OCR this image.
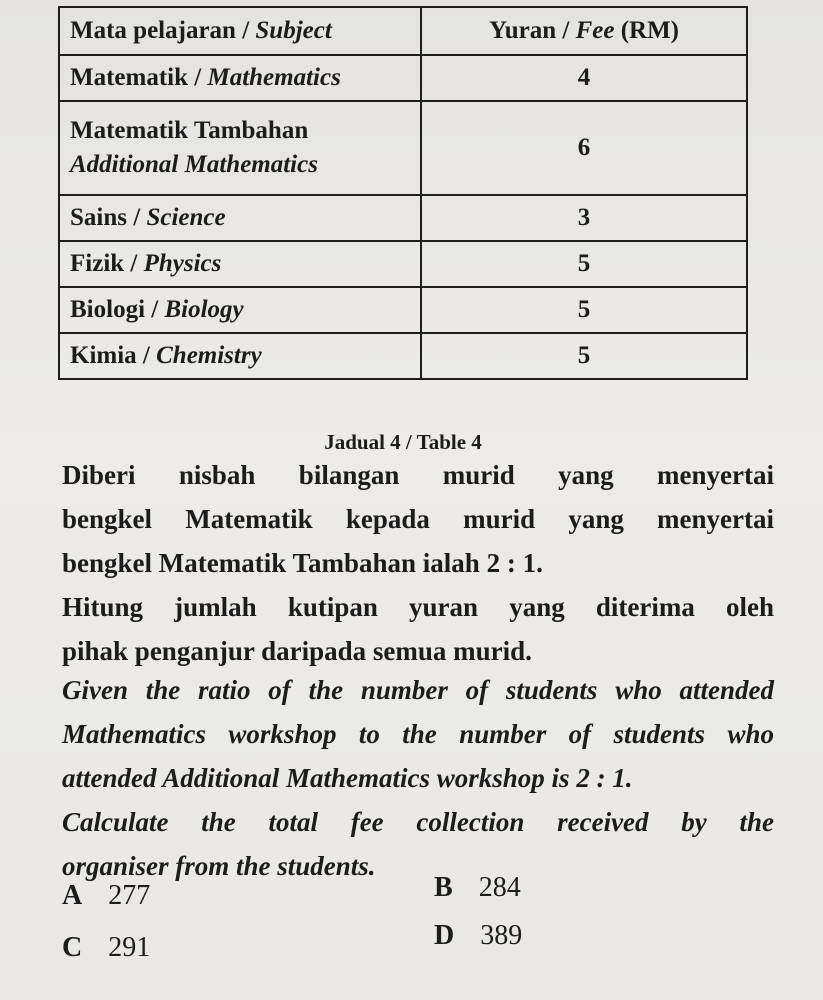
Mata pelajaran / Subject	Yuran / Fee (RM)
Matematik / Mathematics	4
Matematik Tambahan
Additional Mathematics	6
Sains / Science	3
Fizik / Physics	5
Biologi / Biology	5
Kimia / Chemistry	5
Jadual 4 / Table 4
Diberi nisbah bilangan murid yang menyertai
bengkel Matematik kepada murid yang menyertai
bengkel Matematik Tambahan ialah 2 : 1.
Hitung jumlah kutipan yuran yang diterima oleh
pihak penganjur daripada semua murid.
Given the ratio of the number of students who attended
Mathematics workshop to the number of students who
attended Additional Mathematics workshop is 2 : 1.
Calculate the total fee collection received by the
organiser from the students.
A 277	B 284
C 291	D 389
